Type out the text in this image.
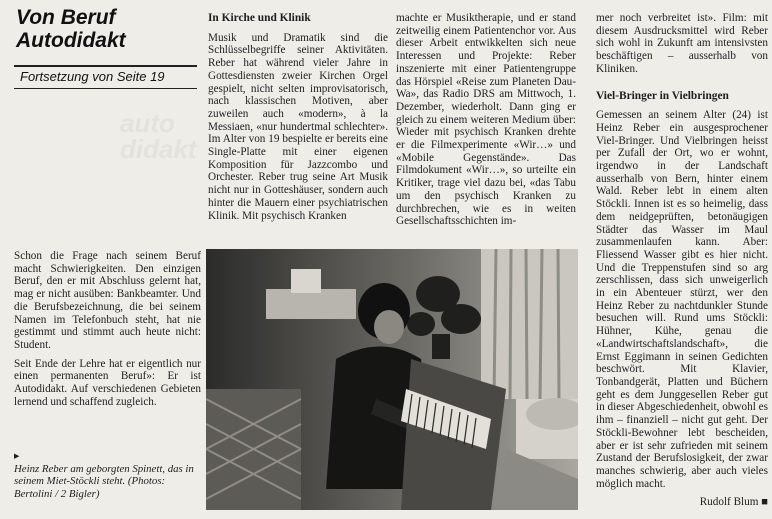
auto
didakt
Von Beruf
Autodidakt
Fortsetzung von Seite 19

Schon die Frage nach seinem Beruf macht Schwierigkeiten. Den einzigen Beruf, den er mit Abschluss gelernt hat, mag er nicht ausüben: Bankbeamter. Und die Berufsbezeichnung, die bei seinem Namen im Telefonbuch steht, hat nie gestimmt und stimmt auch heute nicht: Student.

Seit Ende der Lehre hat er eigentlich nur einen permanenten Beruf»: Er ist Autodidakt. Auf verschiedenen Gebieten lernend und schaffend zugleich.

▸
Heinz Reber am geborgten Spinett, das in seinem Miet-Stöckli steht. (Photos: Bertolini / 2 Bigler)

In Kirche und Klinik

Musik und Dramatik sind die Schlüsselbegriffe seiner Aktivitäten. Reber hat während vieler Jahre in Gottesdiensten zweier Kirchen Orgel gespielt, nicht selten improvisatorisch, nach klassischen Motiven, aber zuweilen auch «modern», à la Messiaen, «nur hundertmal schlechter». Im Alter von 19 bespielte er bereits eine Single-Platte mit einer eigenen Komposition für Jazzcombo und Orchester. Reber trug seine Art Musik nicht nur in Gotteshäuser, sondern auch hinter die Mauern einer psychiatrischen Klinik. Mit psychisch Kranken

machte er Musiktherapie, und er stand zeitweilig einem Patientenchor vor. Aus dieser Arbeit entwikkelten sich neue Interessen und Projekte: Reber inszenierte mit einer Patientengruppe das Hörspiel «Reise zum Planeten Dau-Wa», das Radio DRS am Mittwoch, 1. Dezember, wiederholt. Dann ging er gleich zu einem weiteren Medium über: Wieder mit psychisch Kranken drehte er die Filmexperimente «Wir…» und «Mobile Gegenstände». Das Filmdokument «Wir…», so urteilte ein Kritiker, trage viel dazu bei, «das Tabu um den psychisch Kranken zu durchbrechen, wie es in weiten Gesellschaftsschichten im-

mer noch verbreitet ist». Film: mit diesem Ausdrucksmittel wird Reber sich wohl in Zukunft am intensivsten beschäftigen – ausserhalb von Kliniken.

Viel-Bringer in Vielbringen

Gemessen an seinem Alter (24) ist Heinz Reber ein ausgesprochener Viel-Bringer. Und Vielbringen heisst per Zufall der Ort, wo er wohnt, irgendwo in der Landschaft ausserhalb von Bern, hinter einem Wald. Reber lebt in einem alten Stöckli. Innen ist es so heimelig, dass dem neidgeprüften, betonäugigen Städter das Wasser im Maul zusammenlaufen kann. Aber: Fliessend Wasser gibt es hier nicht. Und die Treppenstufen sind so arg zerschlissen, dass sich unweigerlich in ein Abenteuer stürzt, wer den Heinz Reber zu nachtdunkler Stunde besuchen will. Rund ums Stöckli: Hühner, Kühe, genau die «Landwirtschaftslandschaft», die Ernst Eggimann in seinen Gedichten beschwört. Mit Klavier, Tonbandgerät, Platten und Büchern geht es dem Junggesellen Reber gut in dieser Abgeschiedenheit, obwohl es ihm – finanziell – nicht gut geht. Der Stöckli-Bewohner lebt bescheiden, aber er ist sehr zufrieden mit seinem Zustand der Berufslosigkeit, der zwar manches schwierig, aber auch vieles möglich macht.

Rudolf Blum ■
